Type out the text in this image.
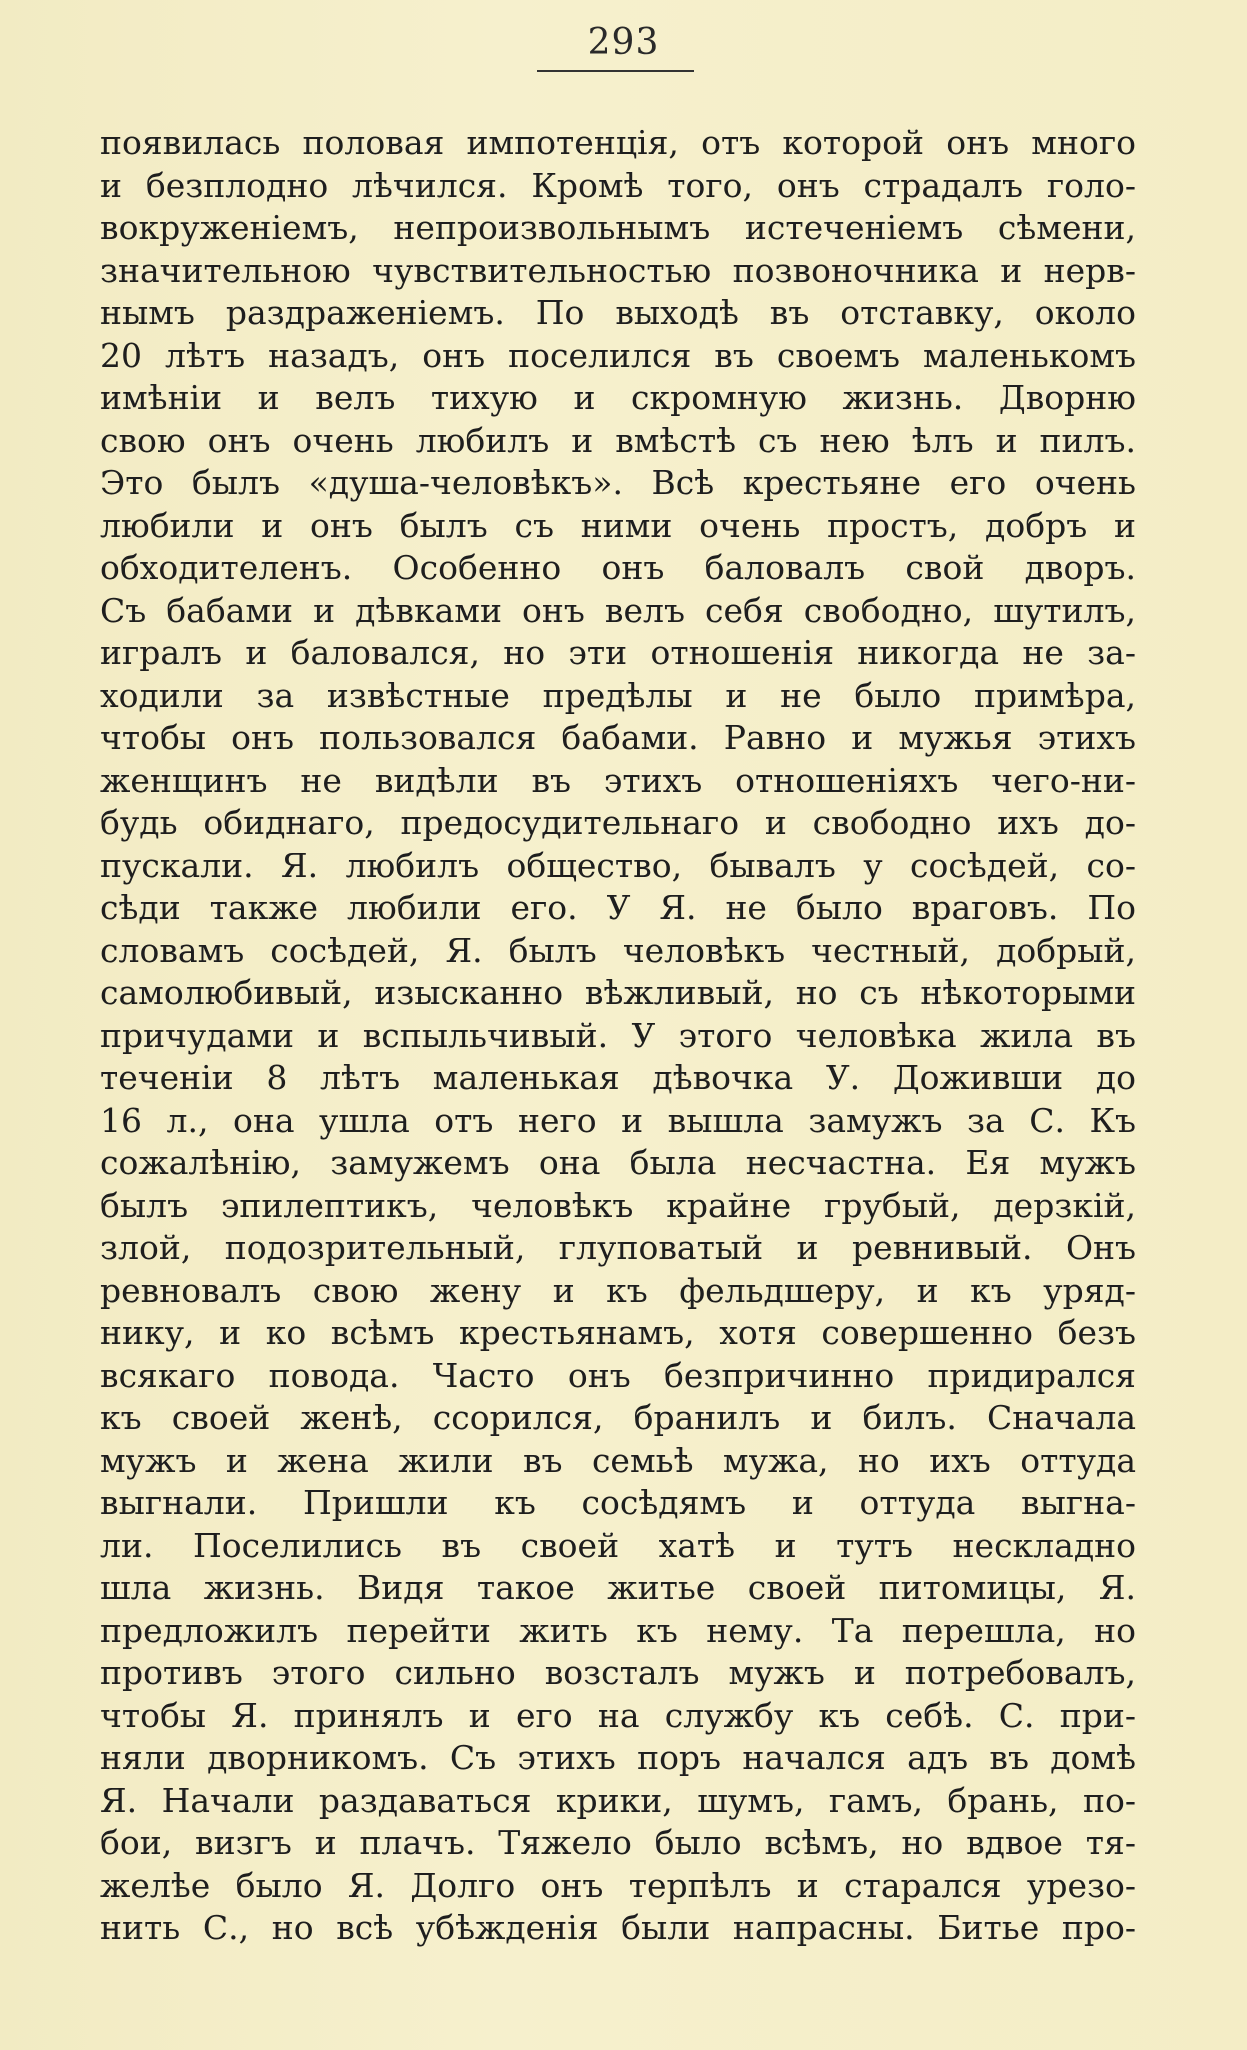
293
появилась половая импотенція, отъ которой онъ много
и безплодно лѣчился. Кромѣ того, онъ страдалъ голо-
вокруженіемъ, непроизвольнымъ истеченіемъ сѣмени,
значительною чувствительностью позвоночника и нерв-
нымъ раздраженіемъ. По выходѣ въ отставку, около
20 лѣтъ назадъ, онъ поселился въ своемъ маленькомъ
имѣніи и велъ тихую и скромную жизнь. Дворню
свою онъ очень любилъ и вмѣстѣ съ нею ѣлъ и пилъ.
Это былъ «душа-человѣкъ». Всѣ крестьяне его очень
любили и онъ былъ съ ними очень простъ, добръ и
обходителенъ. Особенно онъ баловалъ свой дворъ.
Съ бабами и дѣвками онъ велъ себя свободно, шутилъ,
игралъ и баловался, но эти отношенія никогда не за-
ходили за извѣстные предѣлы и не было примѣра,
чтобы онъ пользовался бабами. Равно и мужья этихъ
женщинъ не видѣли въ этихъ отношеніяхъ чего-ни-
будь обиднаго, предосудительнаго и свободно ихъ до-
пускали. Я. любилъ общество, бывалъ у сосѣдей, со-
сѣди также любили его. У Я. не было враговъ. По
словамъ сосѣдей, Я. былъ человѣкъ честный, добрый,
самолюбивый, изысканно вѣжливый, но съ нѣкоторыми
причудами и вспыльчивый. У этого человѣка жила въ
теченіи 8 лѣтъ маленькая дѣвочка У. Доживши до
16 л., она ушла отъ него и вышла замужъ за С. Къ
сожалѣнію, замужемъ она была несчастна. Ея мужъ
былъ эпилептикъ, человѣкъ крайне грубый, дерзкій,
злой, подозрительный, глуповатый и ревнивый. Онъ
ревновалъ свою жену и къ фельдшеру, и къ уряд-
нику, и ко всѣмъ крестьянамъ, хотя совершенно безъ
всякаго повода. Часто онъ безпричинно придирался
къ своей женѣ, ссорился, бранилъ и билъ. Сначала
мужъ и жена жили въ семьѣ мужа, но ихъ оттуда
выгнали. Пришли къ сосѣдямъ и оттуда выгна-
ли. Поселились въ своей хатѣ и тутъ нескладно
шла жизнь. Видя такое житье своей питомицы, Я.
предложилъ перейти жить къ нему. Та перешла, но
противъ этого сильно возсталъ мужъ и потребовалъ,
чтобы Я. принялъ и его на службу къ себѣ. С. при-
няли дворникомъ. Съ этихъ поръ начался адъ въ домѣ
Я. Начали раздаваться крики, шумъ, гамъ, брань, по-
бои, визгъ и плачъ. Тяжело было всѣмъ, но вдвое тя-
желѣе было Я. Долго онъ терпѣлъ и старался урезо-
нить С., но всѣ убѣжденія были напрасны. Битье про-
